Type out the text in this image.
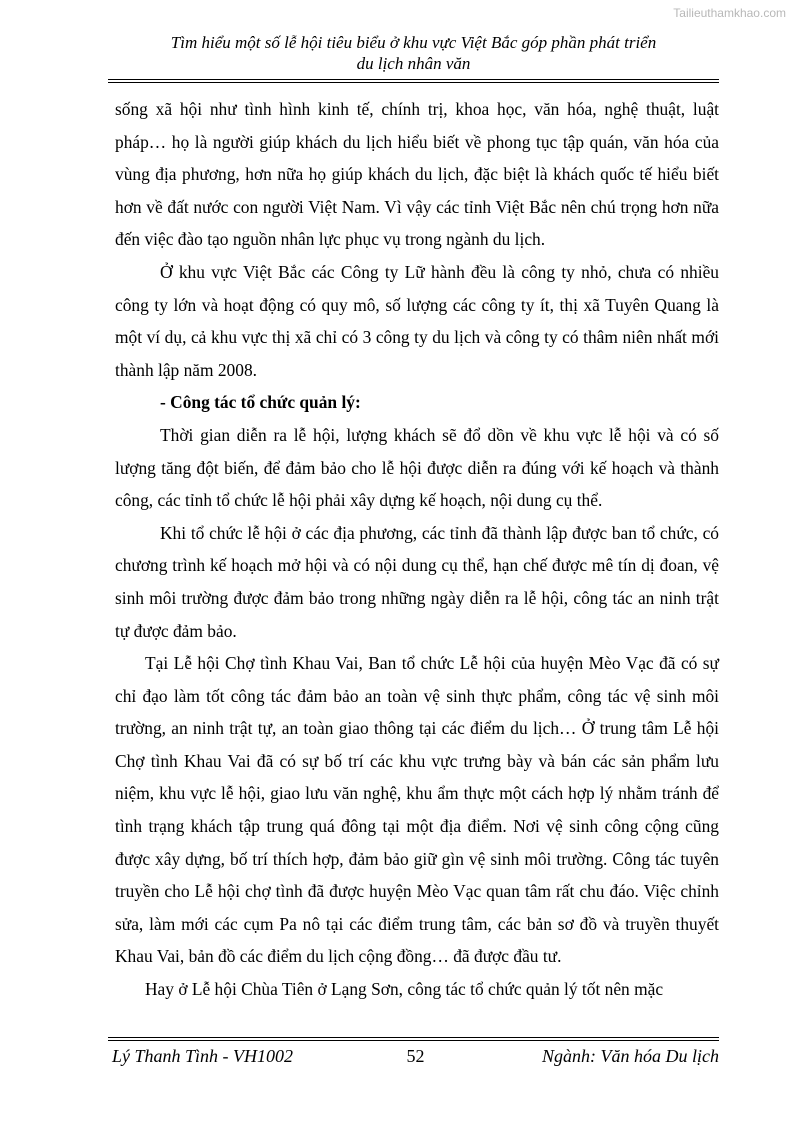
Tailieuthamkhao.com
Tìm hiểu một số lễ hội tiêu biểu ở khu vực Việt Bắc góp phần phát triển
du lịch nhân văn

sống xã hội như tình hình kinh tế, chính trị, khoa học, văn hóa, nghệ thuật, luật pháp… họ là người giúp khách du lịch hiểu biết về phong tục tập quán, văn hóa của vùng địa phương, hơn nữa họ giúp khách du lịch, đặc biệt là khách quốc tế hiểu biết hơn về đất nước con người Việt Nam. Vì vậy các tỉnh Việt Bắc nên chú trọng hơn nữa đến việc đào tạo nguồn nhân lực phục vụ trong ngành du lịch.

Ở khu vực Việt Bắc các Công ty Lữ hành đều là công ty nhỏ, chưa có nhiều công ty lớn và hoạt động có quy mô, số lượng các công ty ít, thị xã Tuyên Quang là một ví dụ, cả khu vực thị xã chỉ có 3 công ty du lịch và công ty có thâm niên nhất mới thành lập năm 2008.

- Công tác tổ chức quản lý:

Thời gian diễn ra lễ hội, lượng khách sẽ đổ dồn về khu vực lễ hội và có số lượng tăng đột biến, để đảm bảo cho lễ hội được diễn ra đúng với kế hoạch và thành công, các tỉnh tổ chức lễ hội phải xây dựng kế hoạch, nội dung cụ thể.

Khi tổ chức lễ hội ở các địa phương, các tỉnh đã thành lập được ban tổ chức, có chương trình kế hoạch mở hội và có nội dung cụ thể, hạn chế được mê tín dị đoan, vệ sinh môi trường được đảm bảo trong những ngày diễn ra lễ hội, công tác an ninh trật tự được đảm bảo.

Tại Lễ hội Chợ tình Khau Vai, Ban tổ chức Lễ hội của huyện Mèo Vạc đã có sự chỉ đạo làm tốt công tác đảm bảo an toàn vệ sinh thực phẩm, công tác vệ sinh môi trường, an ninh trật tự, an toàn giao thông tại các điểm du lịch… Ở trung tâm Lễ hội Chợ tình Khau Vai đã có sự bố trí các khu vực trưng bày và bán các sản phẩm lưu niệm, khu vực lễ hội, giao lưu văn nghệ, khu ẩm thực một cách hợp lý nhằm tránh để tình trạng khách tập trung quá đông tại một địa điểm. Nơi vệ sinh công cộng cũng được xây dựng, bố trí thích hợp, đảm bảo giữ gìn vệ sinh môi trường. Công tác tuyên truyền cho Lễ hội chợ tình đã được huyện Mèo Vạc quan tâm rất chu đáo. Việc chỉnh sửa, làm mới các cụm Pa nô tại các điểm trung tâm, các bản sơ đồ và truyền thuyết Khau Vai, bản đồ các điểm du lịch cộng đồng… đã được đầu tư.

Hay ở Lễ hội Chùa Tiên ở Lạng Sơn, công tác tổ chức quản lý tốt nên mặc

Lý Thanh Tình - VH1002	52	Ngành: Văn hóa Du lịch
